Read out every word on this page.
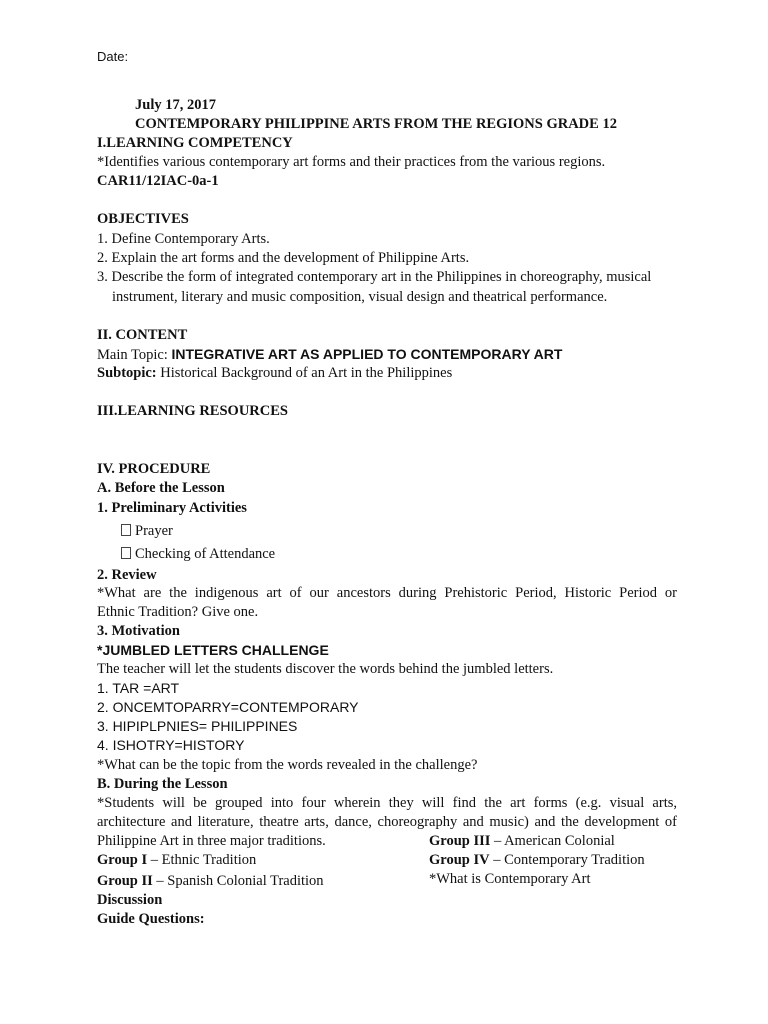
Date:
July 17, 2017
CONTEMPORARY PHILIPPINE ARTS FROM THE REGIONS GRADE 12
I.LEARNING COMPETENCY
*Identifies various contemporary art forms and their practices from the various regions.
CAR11/12IAC-0a-1
OBJECTIVES
1. Define Contemporary Arts.
2. Explain the art forms and the development of Philippine Arts.
3. Describe the form of integrated contemporary art in the Philippines in choreography, musical
instrument, literary and music composition, visual design and theatrical performance.
II. CONTENT
Main Topic: INTEGRATIVE ART AS APPLIED TO CONTEMPORARY ART
Subtopic: Historical Background of an Art in the Philippines
III.LEARNING RESOURCES
IV. PROCEDURE
A. Before the Lesson
1. Preliminary Activities
Prayer
Checking of Attendance
2. Review
*What are the indigenous art of our ancestors during Prehistoric Period, Historic Period or
Ethnic Tradition? Give one.
3. Motivation
*JUMBLED LETTERS CHALLENGE
The teacher will let the students discover the words behind the jumbled letters.
1. TAR =ART
2. ONCEMTOPARRY=CONTEMPORARY
3. HIPIPLPNIES= PHILIPPINES
4. ISHOTRY=HISTORY
*What can be the topic from the words revealed in the challenge?
B. During the Lesson
*Students will be grouped into four wherein they will find the art forms (e.g. visual arts,
architecture and literature, theatre arts, dance, choreography and music) and the development of
Philippine Art in three major traditions.
Group I – Ethnic Tradition
Group II – Spanish Colonial Tradition
Group III – American Colonial
Group IV – Contemporary Tradition
*What is Contemporary Art
Discussion
Guide Questions:
